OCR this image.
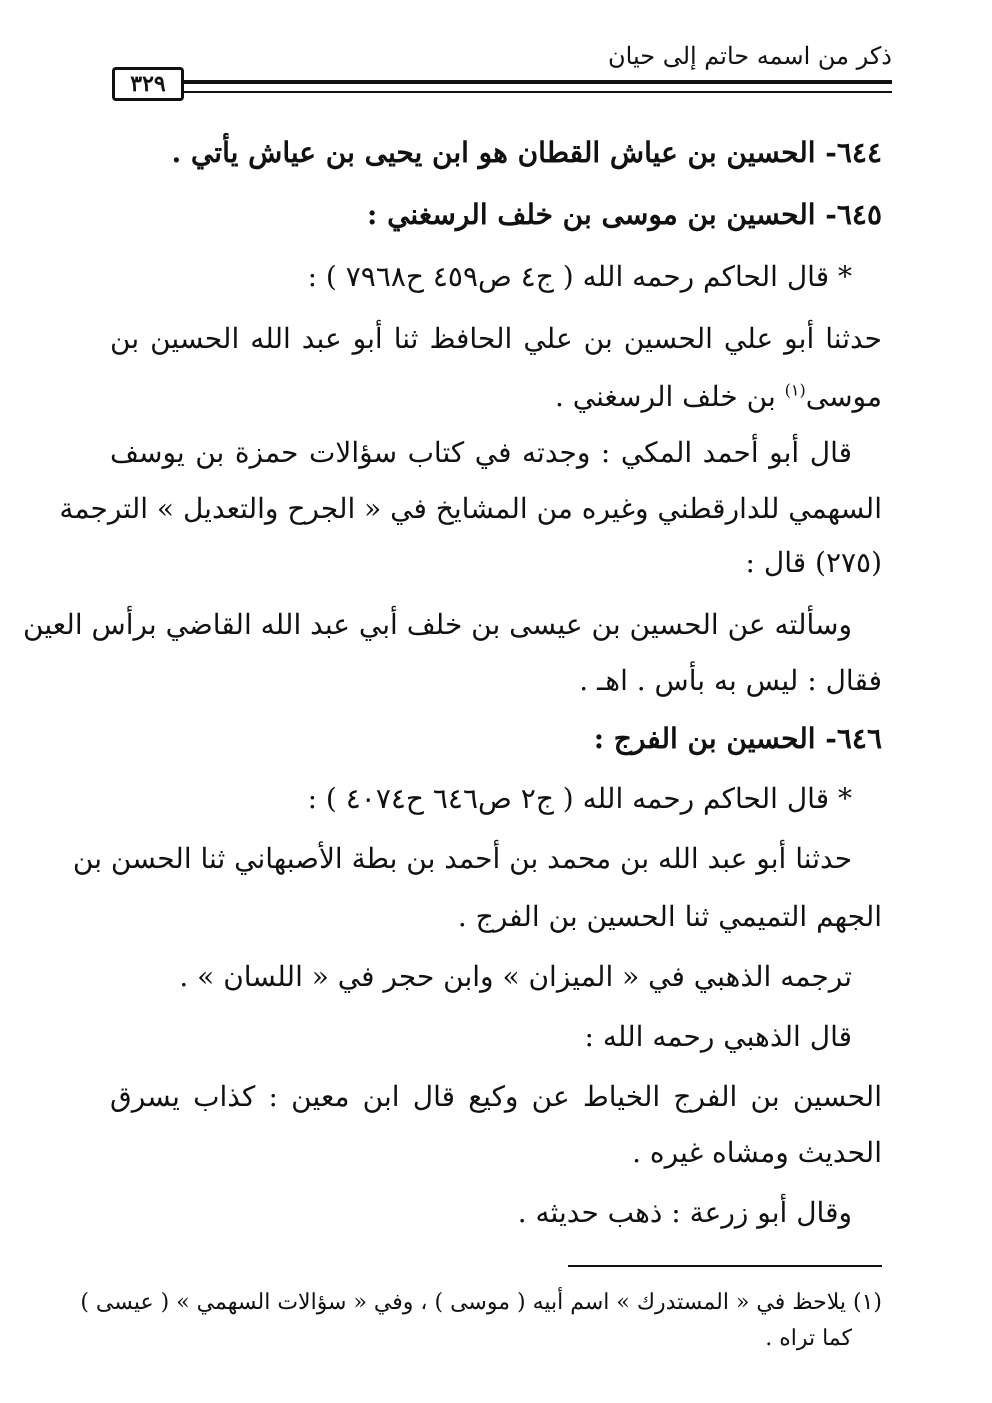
ذكر من اسمه حاتم إلى حيان
٣٢٩
٦٤٤- الحسين بن عياش القطان هو ابن يحيى بن عياش يأتي .
٦٤٥- الحسين بن موسى بن خلف الرسغني :
* قال الحاكم رحمه الله ( ج٤ ص٤٥٩ ح٧٩٦٨ ) :
حدثنا أبو علي الحسين بن علي الحافظ ثنا أبو عبد الله الحسين بن
موسى$^{(١)}$ بن خلف الرسغني .
قال أبو أحمد المكي : وجدته في كتاب سؤالات حمزة بن يوسف
السهمي للدارقطني وغيره من المشايخ في « الجرح والتعديل » الترجمة
(٢٧٥) قال :
وسألته عن الحسين بن عيسى بن خلف أبي عبد الله القاضي برأس العين
فقال : ليس به بأس . اهـ .
٦٤٦- الحسين بن الفرج :
* قال الحاكم رحمه الله ( ج٢ ص٦٤٦ ح٤٠٧٤ ) :
حدثنا أبو عبد الله بن محمد بن أحمد بن بطة الأصبهاني ثنا الحسن بن
الجهم التميمي ثنا الحسين بن الفرج .
ترجمه الذهبي في « الميزان » وابن حجر في « اللسان » .
قال الذهبي رحمه الله :
الحسين بن الفرج الخياط عن وكيع قال ابن معين : كذاب يسرق
الحديث ومشاه غيره .
وقال أبو زرعة : ذهب حديثه .
(١) يلاحظ في « المستدرك » اسم أبيه ( موسى ) ، وفي « سؤالات السهمي » ( عيسى )
كما تراه .
